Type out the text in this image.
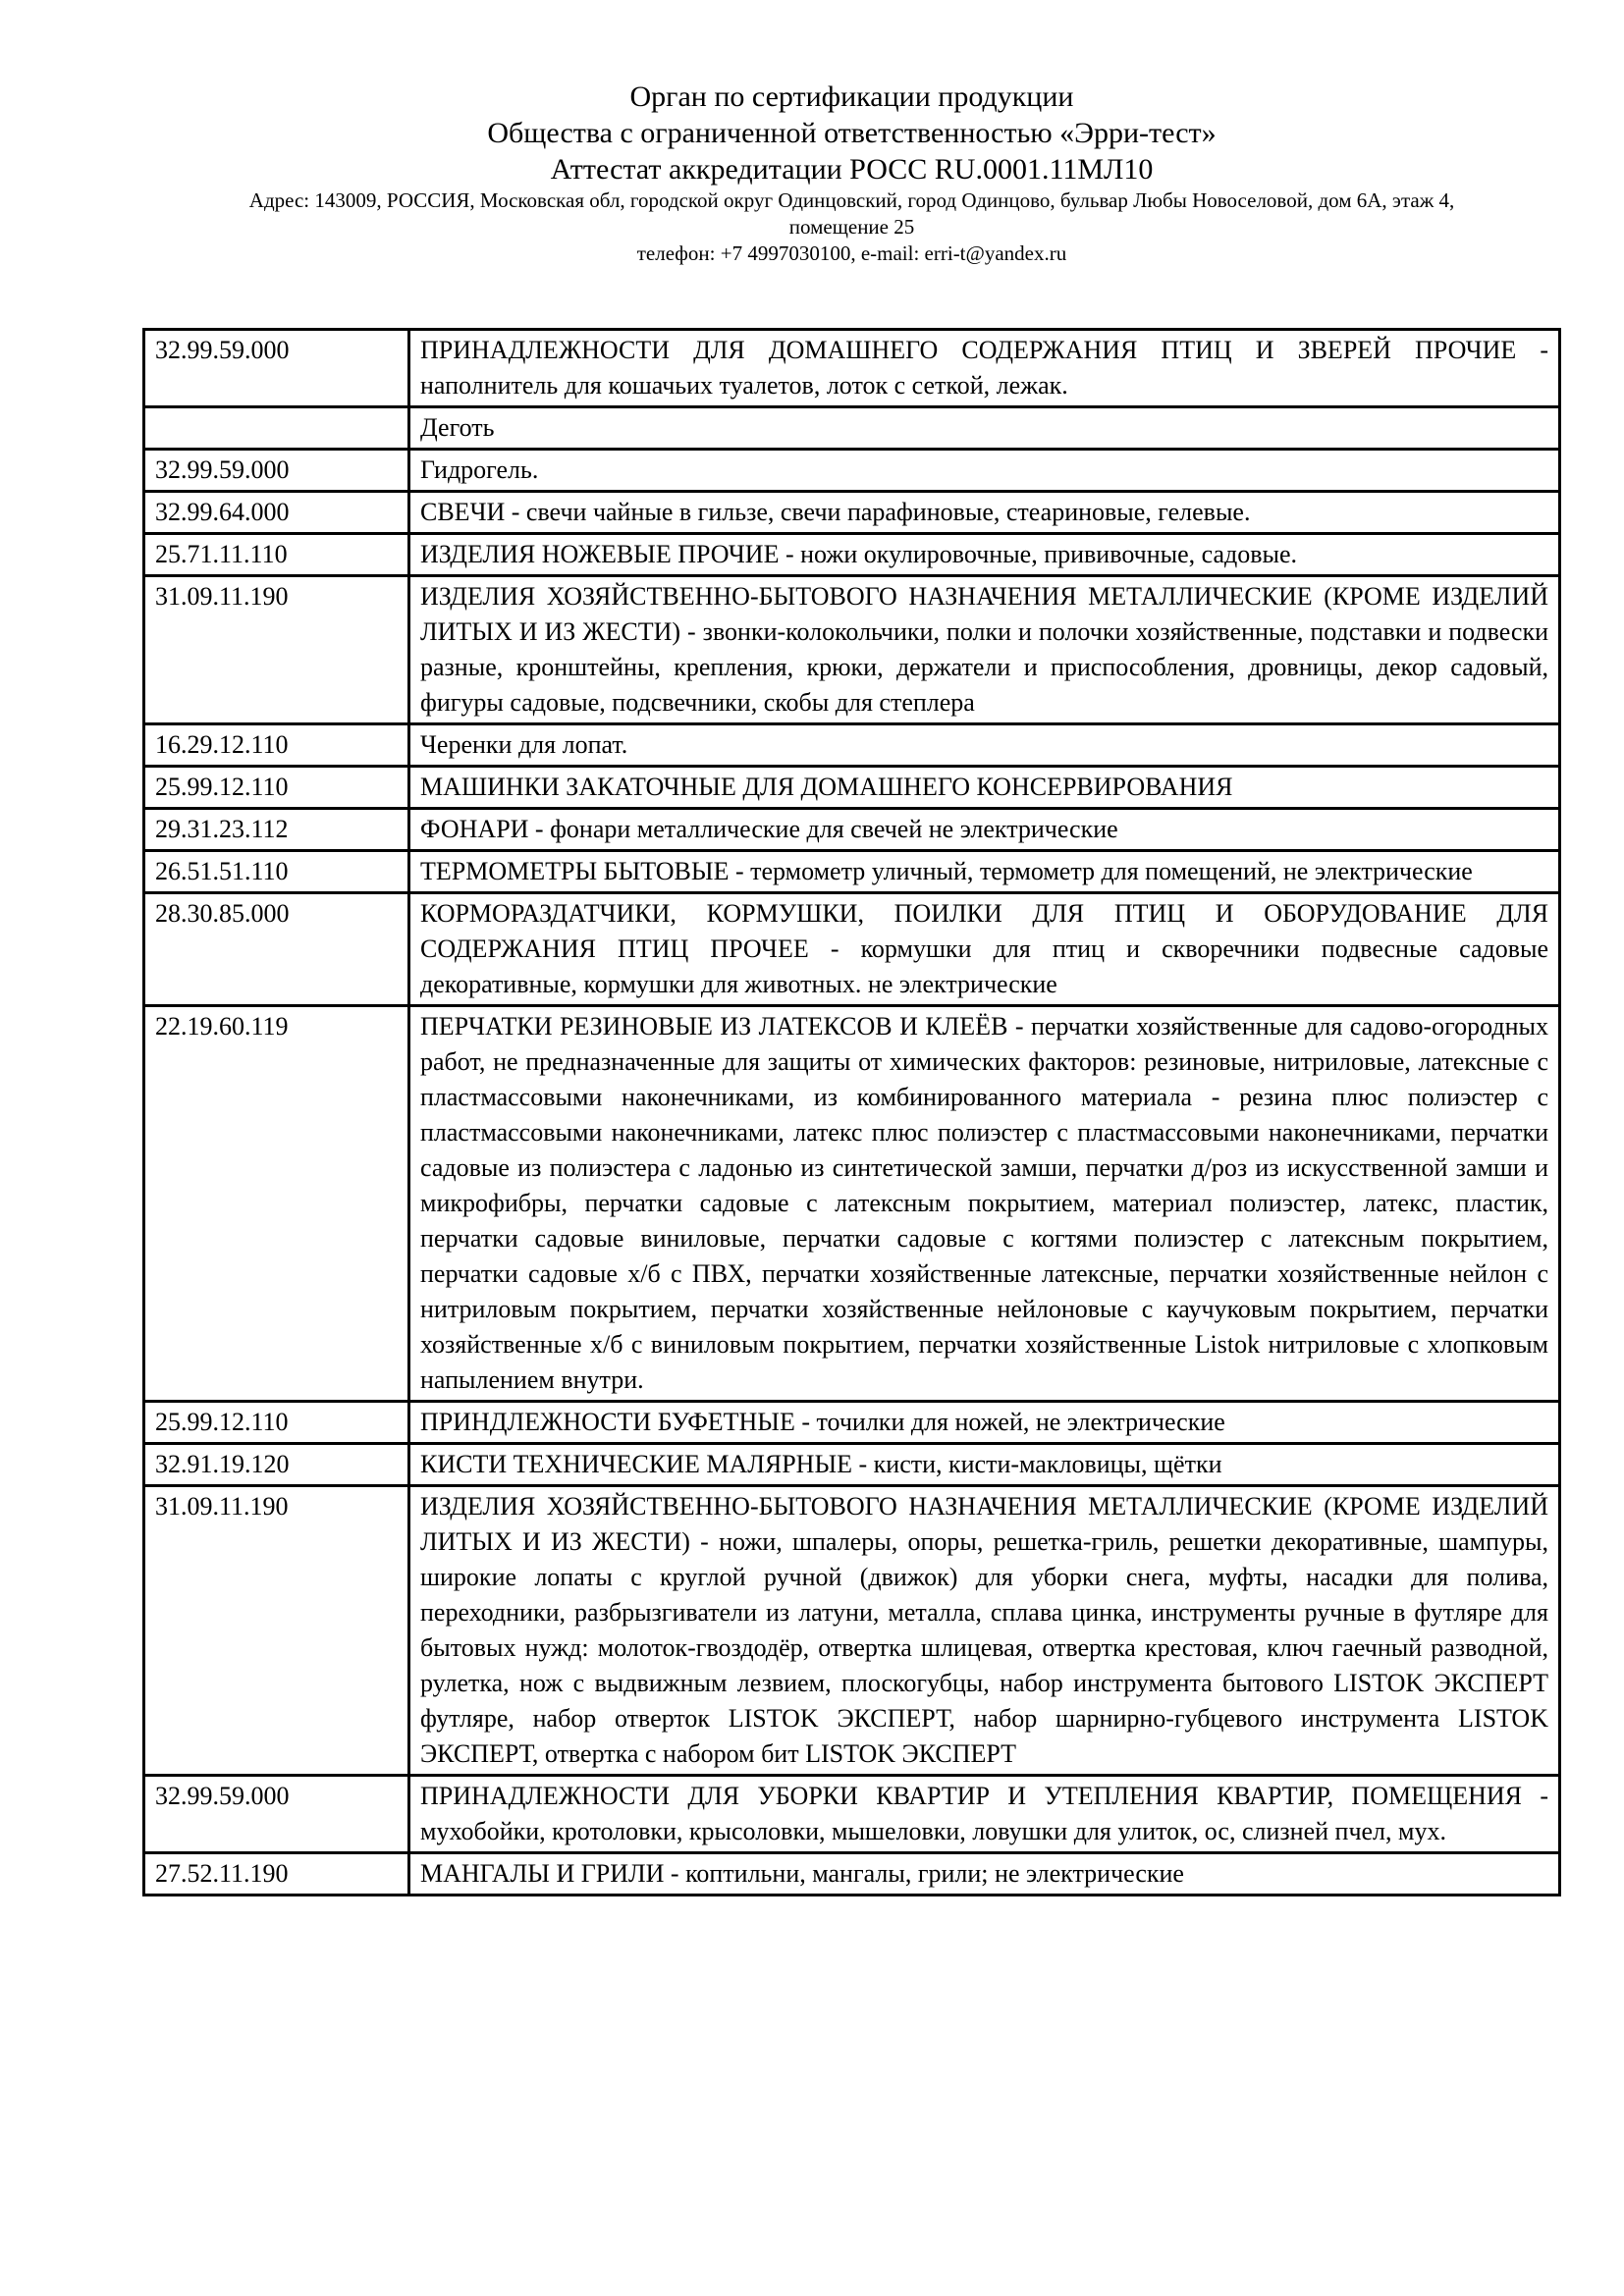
Орган по сертификации продукции
Общества с ограниченной ответственностью «Эрри-тест»
Аттестат аккредитации РОСС RU.0001.11МЛ10
Адрес: 143009, РОССИЯ, Московская обл, городской округ Одинцовский, город Одинцово, бульвар Любы Новоселовой, дом 6А, этаж 4,
помещение 25
телефон: +7 4997030100, e-mail: erri-t@yandex.ru
32.99.59.000	ПРИНАДЛЕЖНОСТИ ДЛЯ ДОМАШНЕГО СОДЕРЖАНИЯ ПТИЦ И ЗВЕРЕЙ ПРОЧИЕ - наполнитель для кошачьих туалетов, лоток с сеткой, лежак.
	Деготь
32.99.59.000	Гидрогель.
32.99.64.000	СВЕЧИ - свечи чайные в гильзе, свечи парафиновые, стеариновые, гелевые.
25.71.11.110	ИЗДЕЛИЯ НОЖЕВЫЕ ПРОЧИЕ - ножи окулировочные, прививочные, садовые.
31.09.11.190	ИЗДЕЛИЯ ХОЗЯЙСТВЕННО-БЫТОВОГО НАЗНАЧЕНИЯ МЕТАЛЛИЧЕСКИЕ (КРОМЕ ИЗДЕЛИЙ ЛИТЫХ И ИЗ ЖЕСТИ) - звонки-колокольчики, полки и полочки хозяйственные, подставки и подвески разные, кронштейны, крепления, крюки, держатели и приспособления, дровницы, декор садовый, фигуры садовые, подсвечники, скобы для степлера
16.29.12.110	Черенки для лопат.
25.99.12.110	МАШИНКИ ЗАКАТОЧНЫЕ ДЛЯ ДОМАШНЕГО КОНСЕРВИРОВАНИЯ
29.31.23.112	ФОНАРИ - фонари металлические для свечей не электрические
26.51.51.110	ТЕРМОМЕТРЫ БЫТОВЫЕ - термометр уличный, термометр для помещений, не электрические
28.30.85.000	КОРМОРАЗДАТЧИКИ, КОРМУШКИ, ПОИЛКИ ДЛЯ ПТИЦ И ОБОРУДОВАНИЕ ДЛЯ СОДЕРЖАНИЯ ПТИЦ ПРОЧЕЕ - кормушки для птиц и скворечники подвесные садовые декоративные, кормушки для животных. не электрические
22.19.60.119	ПЕРЧАТКИ РЕЗИНОВЫЕ ИЗ ЛАТЕКСОВ И КЛЕЁВ - перчатки хозяйственные для садово-огородных работ, не предназначенные для защиты от химических факторов: резиновые, нитриловые, латексные с пластмассовыми наконечниками, из комбинированного материала - резина плюс полиэстер с пластмассовыми наконечниками, латекс плюс полиэстер с пластмассовыми наконечниками, перчатки садовые из полиэстера с ладонью из синтетической замши, перчатки д/роз из искусственной замши и микрофибры, перчатки садовые с латексным покрытием, материал полиэстер, латекс, пластик, перчатки садовые виниловые, перчатки садовые с когтями полиэстер с латексным покрытием, перчатки садовые х/б с ПВХ, перчатки хозяйственные латексные, перчатки хозяйственные нейлон с нитриловым покрытием, перчатки хозяйственные нейлоновые с каучуковым покрытием, перчатки хозяйственные х/б с виниловым покрытием, перчатки хозяйственные Listok нитриловые с хлопковым напылением внутри.
25.99.12.110	ПРИНДЛЕЖНОСТИ БУФЕТНЫЕ - точилки для ножей, не электрические
32.91.19.120	КИСТИ ТЕХНИЧЕСКИЕ МАЛЯРНЫЕ - кисти, кисти-макловицы, щётки
31.09.11.190	ИЗДЕЛИЯ ХОЗЯЙСТВЕННО-БЫТОВОГО НАЗНАЧЕНИЯ МЕТАЛЛИЧЕСКИЕ (КРОМЕ ИЗДЕЛИЙ ЛИТЫХ И ИЗ ЖЕСТИ) - ножи, шпалеры, опоры, решетка-гриль, решетки декоративные, шампуры, широкие лопаты с круглой ручной (движок) для уборки снега, муфты, насадки для полива, переходники, разбрызгиватели из латуни, металла, сплава цинка, инструменты ручные в футляре для бытовых нужд: молоток-гвоздодёр, отвертка шлицевая, отвертка крестовая, ключ гаечный разводной, рулетка, нож с выдвижным лезвием, плоскогубцы, набор инструмента бытового LISTOK ЭКСПЕРТ футляре, набор отверток LISTOK ЭКСПЕРТ, набор шарнирно-губцевого инструмента LISTOK ЭКСПЕРТ, отвертка с набором бит LISTOK ЭКСПЕРТ
32.99.59.000	ПРИНАДЛЕЖНОСТИ ДЛЯ УБОРКИ КВАРТИР И УТЕПЛЕНИЯ КВАРТИР, ПОМЕЩЕНИЯ - мухобойки, кротоловки, крысоловки, мышеловки, ловушки для улиток, ос, слизней пчел, мух.
27.52.11.190	МАНГАЛЫ И ГРИЛИ - коптильни, мангалы, грили; не электрические
